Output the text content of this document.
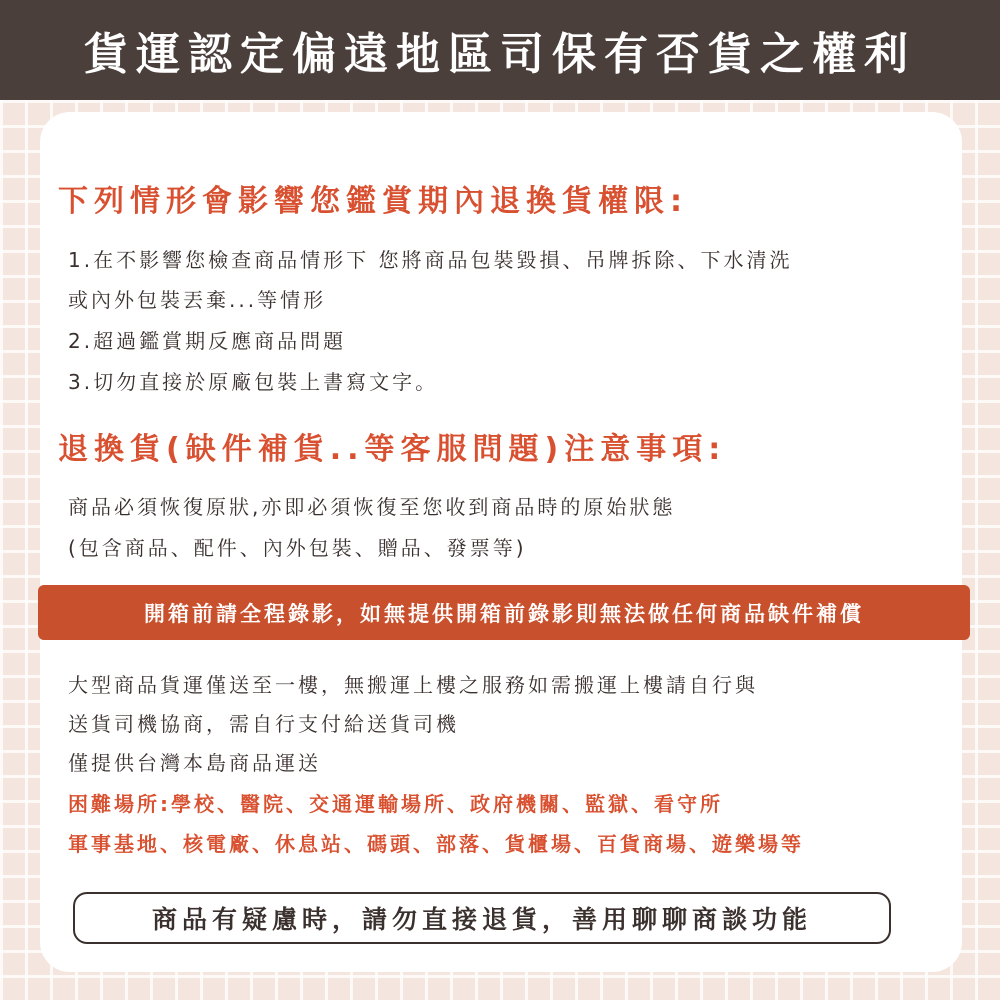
貨運認定偏遠地區司保有否貨之權利
下列情形會影響您鑑賞期內退換貨權限:
1.在不影響您檢查商品情形下 您將商品包裝毀損、吊牌拆除、下水清洗
或內外包裝丟棄...等情形
2.超過鑑賞期反應商品問題
3.切勿直接於原廠包裝上書寫文字。
退換貨(缺件補貨..等客服問題)注意事項:
商品必須恢復原狀,亦即必須恢復至您收到商品時的原始狀態
(包含商品、配件、內外包裝、贈品、發票等)
開箱前請全程錄影，如無提供開箱前錄影則無法做任何商品缺件補償
大型商品貨運僅送至一樓，無搬運上樓之服務如需搬運上樓請自行與
送貨司機協商，需自行支付給送貨司機
僅提供台灣本島商品運送
困難場所:學校、醫院、交通運輸場所、政府機關、監獄、看守所
軍事基地、核電廠、休息站、碼頭、部落、貨櫃場、百貨商場、遊樂場等
商品有疑慮時，請勿直接退貨，善用聊聊商談功能
